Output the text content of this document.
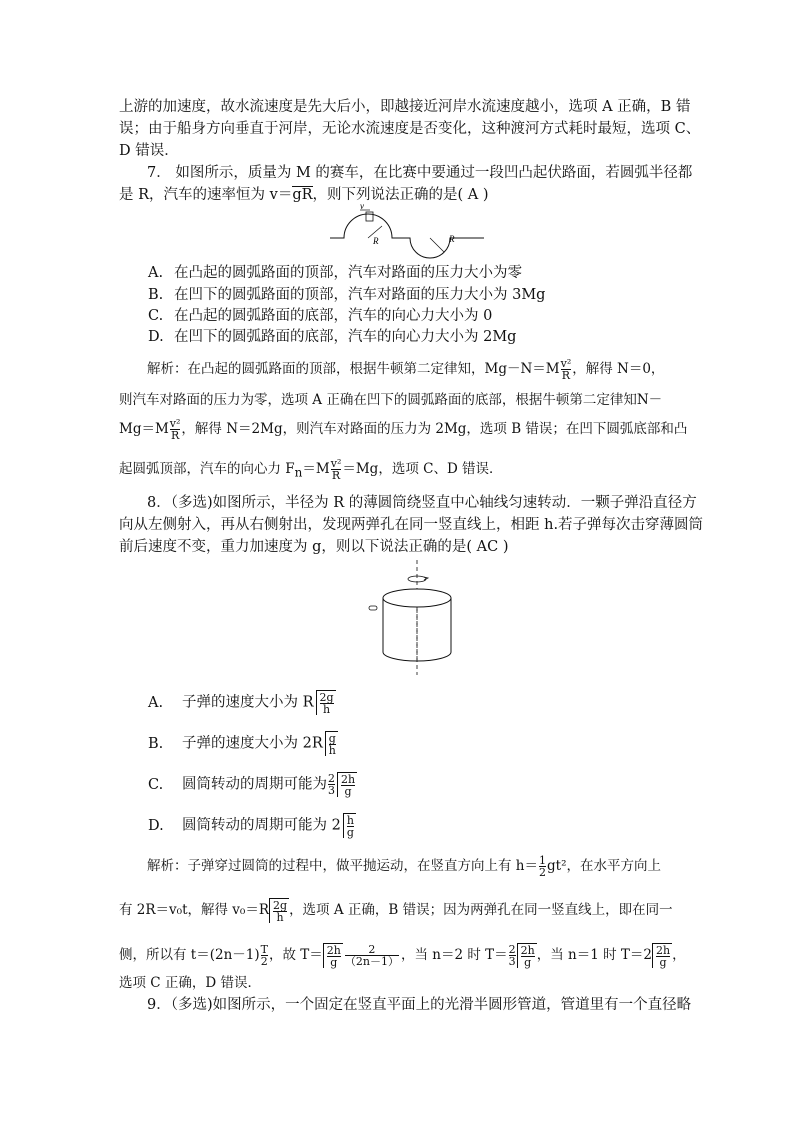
上游的加速度，故水流速度是先大后小，即越接近河岸水流速度越小，选项 A 正确，B 错
误；由于船身方向垂直于河岸，无论水流速度是否变化，这种渡河方式耗时最短，选项 C、
D 错误．
7． 如图所示，质量为 M 的赛车，在比赛中要通过一段凹凸起伏路面，若圆弧半径都
是 R，汽车的速率恒为 v＝gR，则下列说法正确的是( A )
v
R	R
A. 在凸起的圆弧路面的顶部，汽车对路面的压力大小为零
B. 在凹下的圆弧路面的顶部，汽车对路面的压力大小为 3Mg
C. 在凸起的圆弧路面的底部，汽车的向心力大小为 0
D. 在凹下的圆弧路面的底部，汽车的向心力大小为 2Mg
解析：在凸起的圆弧路面的顶部，根据牛顿第二定律知，$Mg-N=M \frac{\text{v²}}{R}$ ，解得 N＝0，
则汽车对路面的压力为零，选项 A 正确在凹下的圆弧路面的底部，根据牛顿第二定律知N－
$Mg=M \frac{\text{v²}}{R}$ ，解得 N＝2Mg，则汽车对路面的压力为 2Mg，选项 B 错误；在凹下圆弧底部和凸
起圆弧顶部，汽车的向心力 $F_n=M \frac{\text{v²}}{R} =Mg$，选项 C、D 错误．
8．（多选)如图所示，半径为 R 的薄圆筒绕竖直中心轴线匀速转动．一颗子弹沿直径方
向从左侧射入，再从右侧射出，发现两弹孔在同一竖直线上，相距 h.若子弹每次击穿薄圆筒
前后速度不变，重力加速度为 g，则以下说法正确的是( AC )
A. 子弹的速度大小为 R $\frac{2g}{h}$
B. 子弹的速度大小为 $2R \frac{g}{h}$
C. 圆筒转动的周期可能为 $\frac{2}{3} \frac{2h}{g}$
D. 圆筒转动的周期可能为 $2 \frac{h}{g}$
解析：子弹穿过圆筒的过程中，做平抛运动，在竖直方向上有 $h= \frac{1}{2} gt^2$，在水平方向上
有 2R＝v₀t，解得 $v_0=R \frac{2g}{h}$ ，选项 A 正确，B 错误；因为两弹孔在同一竖直线上，即在同一
侧，所以有 $t=(2n-1) \frac{T}{2}$ ，故 $T= \frac{2h}{g} \frac{2}{(2n-1)}$ ，当 n＝2 时 $T= \frac{2}{3} \frac{2h}{g}$ ，当 n＝1 时 $T=2 \frac{2h}{g}$ ，
选项 C 正确，D 错误．
9．（多选)如图所示，一个固定在竖直平面上的光滑半圆形管道，管道里有一个直径略
